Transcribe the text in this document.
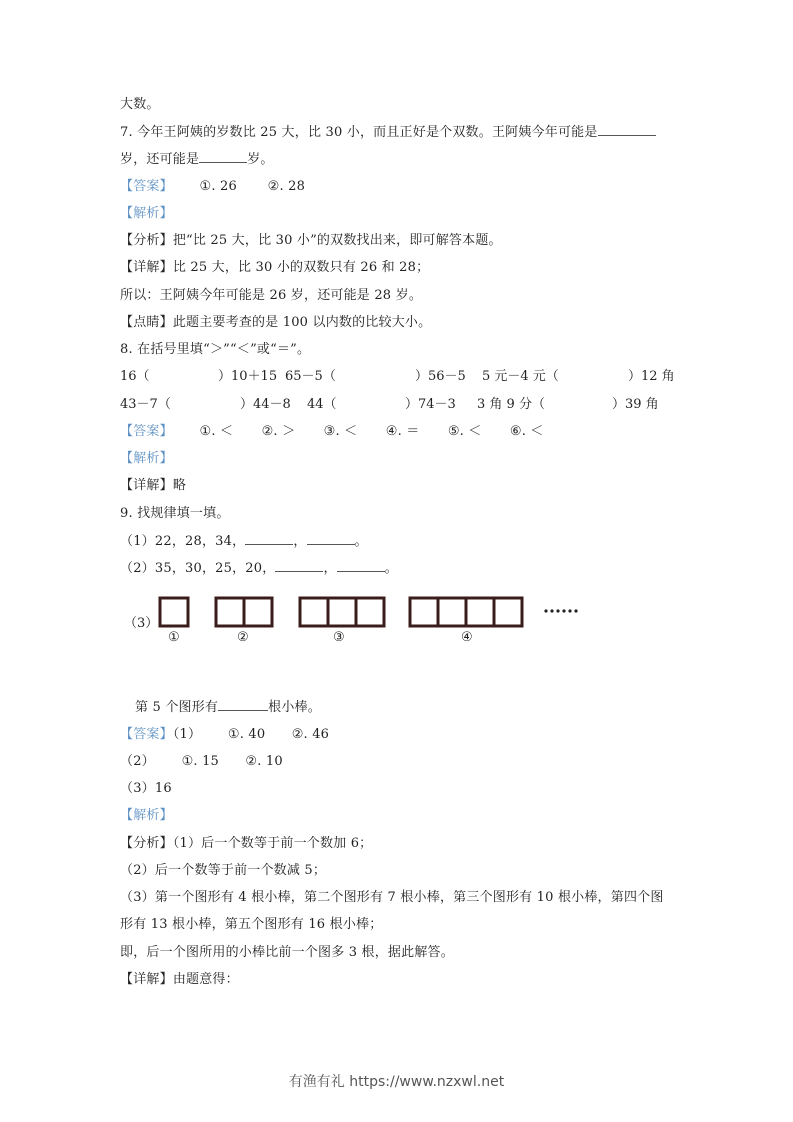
大数。
7. 今年王阿姨的岁数比 25 大，比 30 小，而且正好是个双数。王阿姨今年可能是
岁，还可能是	岁。
【答案】 ①. 26 ②. 28
【解析】
【分析】把“比 25 大，比 30 小”的双数找出来，即可解答本题。
【详解】比 25 大，比 30 小的双数只有 26 和 28；
所以：王阿姨今年可能是 26 岁，还可能是 28 岁。
【点睛】此题主要考查的是 100 以内数的比较大小。
8. 在括号里填“＞”“＜”或“＝”。
16（	）10＋15 65－5（	）56－5 5 元－4 元（	）12 角
43－7（	）44－8 44（	）74－3 3 角 9 分（	）39 角
【答案】 ①. ＜ ②. ＞ ③. ＜ ④. ＝ ⑤. ＜ ⑥. ＜
【解析】
【详解】略
9. 找规律填一填。
（1）22，28，34，	，	。
（2）35，30，25，20，	，	。
（3）
①	②	③	④
第 5 个图形有	根小棒。
【答案】（1） ①. 40 ②. 46
（2） ①. 15 ②. 10
（3）16
【解析】
【分析】（1）后一个数等于前一个数加 6；
（2）后一个数等于前一个数减 5；
（3）第一个图形有 4 根小棒，第二个图形有 7 根小棒，第三个图形有 10 根小棒，第四个图
形有 13 根小棒，第五个图形有 16 根小棒；
即，后一个图所用的小棒比前一个图多 3 根，据此解答。
【详解】由题意得：
有渔有礼 https://www.nzxwl.net
